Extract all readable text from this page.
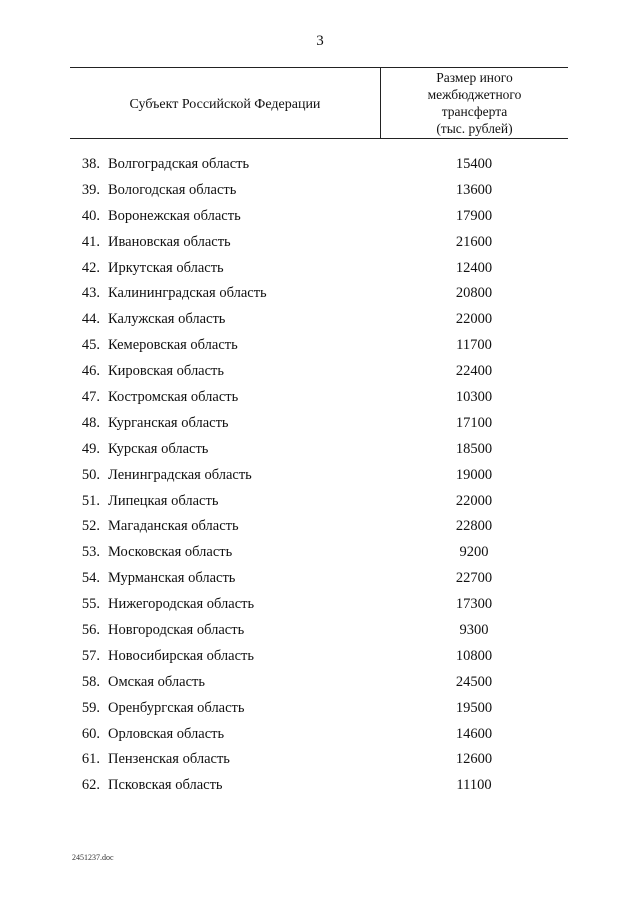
3
Субъект Российской Федерации
Размер иного
межбюджетного
трансферта
(тыс. рублей)
38. Волгоградская область	15400
39. Вологодская область	13600
40. Воронежская область	17900
41. Ивановская область	21600
42. Иркутская область	12400
43. Калининградская область	20800
44. Калужская область	22000
45. Кемеровская область	11700
46. Кировская область	22400
47. Костромская область	10300
48. Курганская область	17100
49. Курская область	18500
50. Ленинградская область	19000
51. Липецкая область	22000
52. Магаданская область	22800
53. Московская область	9200
54. Мурманская область	22700
55. Нижегородская область	17300
56. Новгородская область	9300
57. Новосибирская область	10800
58. Омская область	24500
59. Оренбургская область	19500
60. Орловская область	14600
61. Пензенская область	12600
62. Псковская область	11100
2451237.doc
